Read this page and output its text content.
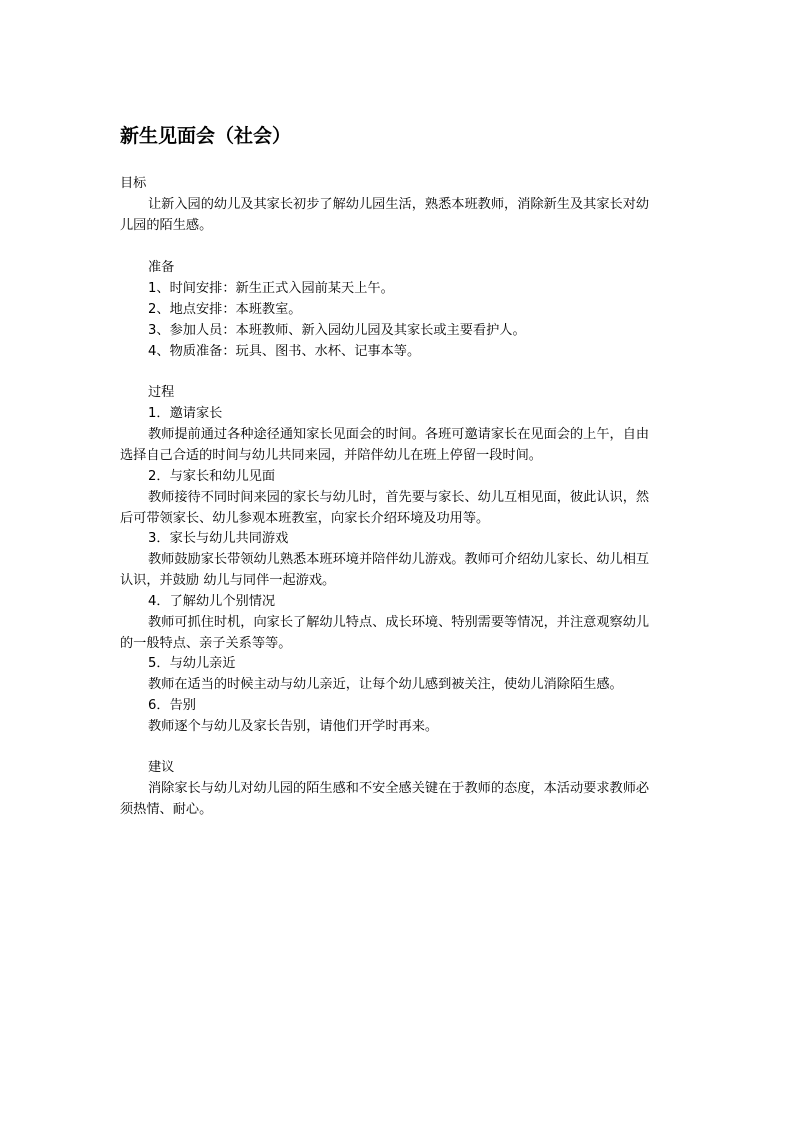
新生见面会（社会）
目标
让新入园的幼儿及其家长初步了解幼儿园生活，熟悉本班教师，消除新生及其家长对幼
儿园的陌生感。
准备
1、时间安排：新生正式入园前某天上午。
2、地点安排：本班教室。
3、参加人员：本班教师、新入园幼儿园及其家长或主要看护人。
4、物质准备：玩具、图书、水杯、记事本等。
过程
1．邀请家长
教师提前通过各种途径通知家长见面会的时间。各班可邀请家长在见面会的上午，自由
选择自己合适的时间与幼儿共同来园，并陪伴幼儿在班上停留一段时间。
2．与家长和幼儿见面
教师接待不同时间来园的家长与幼儿时，首先要与家长、幼儿互相见面，彼此认识，然
后可带领家长、幼儿参观本班教室，向家长介绍环境及功用等。
3．家长与幼儿共同游戏
教师鼓励家长带领幼儿熟悉本班环境并陪伴幼儿游戏。教师可介绍幼儿家长、幼儿相互
认识，并鼓励 幼儿与同伴一起游戏。
4．了解幼儿个别情况
教师可抓住时机，向家长了解幼儿特点、成长环境、特别需要等情况，并注意观察幼儿
的一般特点、亲子关系等等。
5．与幼儿亲近
教师在适当的时候主动与幼儿亲近，让每个幼儿感到被关注，使幼儿消除陌生感。
6．告别
教师逐个与幼儿及家长告别，请他们开学时再来。
建议
消除家长与幼儿对幼儿园的陌生感和不安全感关键在于教师的态度，本活动要求教师必
须热情、耐心。
